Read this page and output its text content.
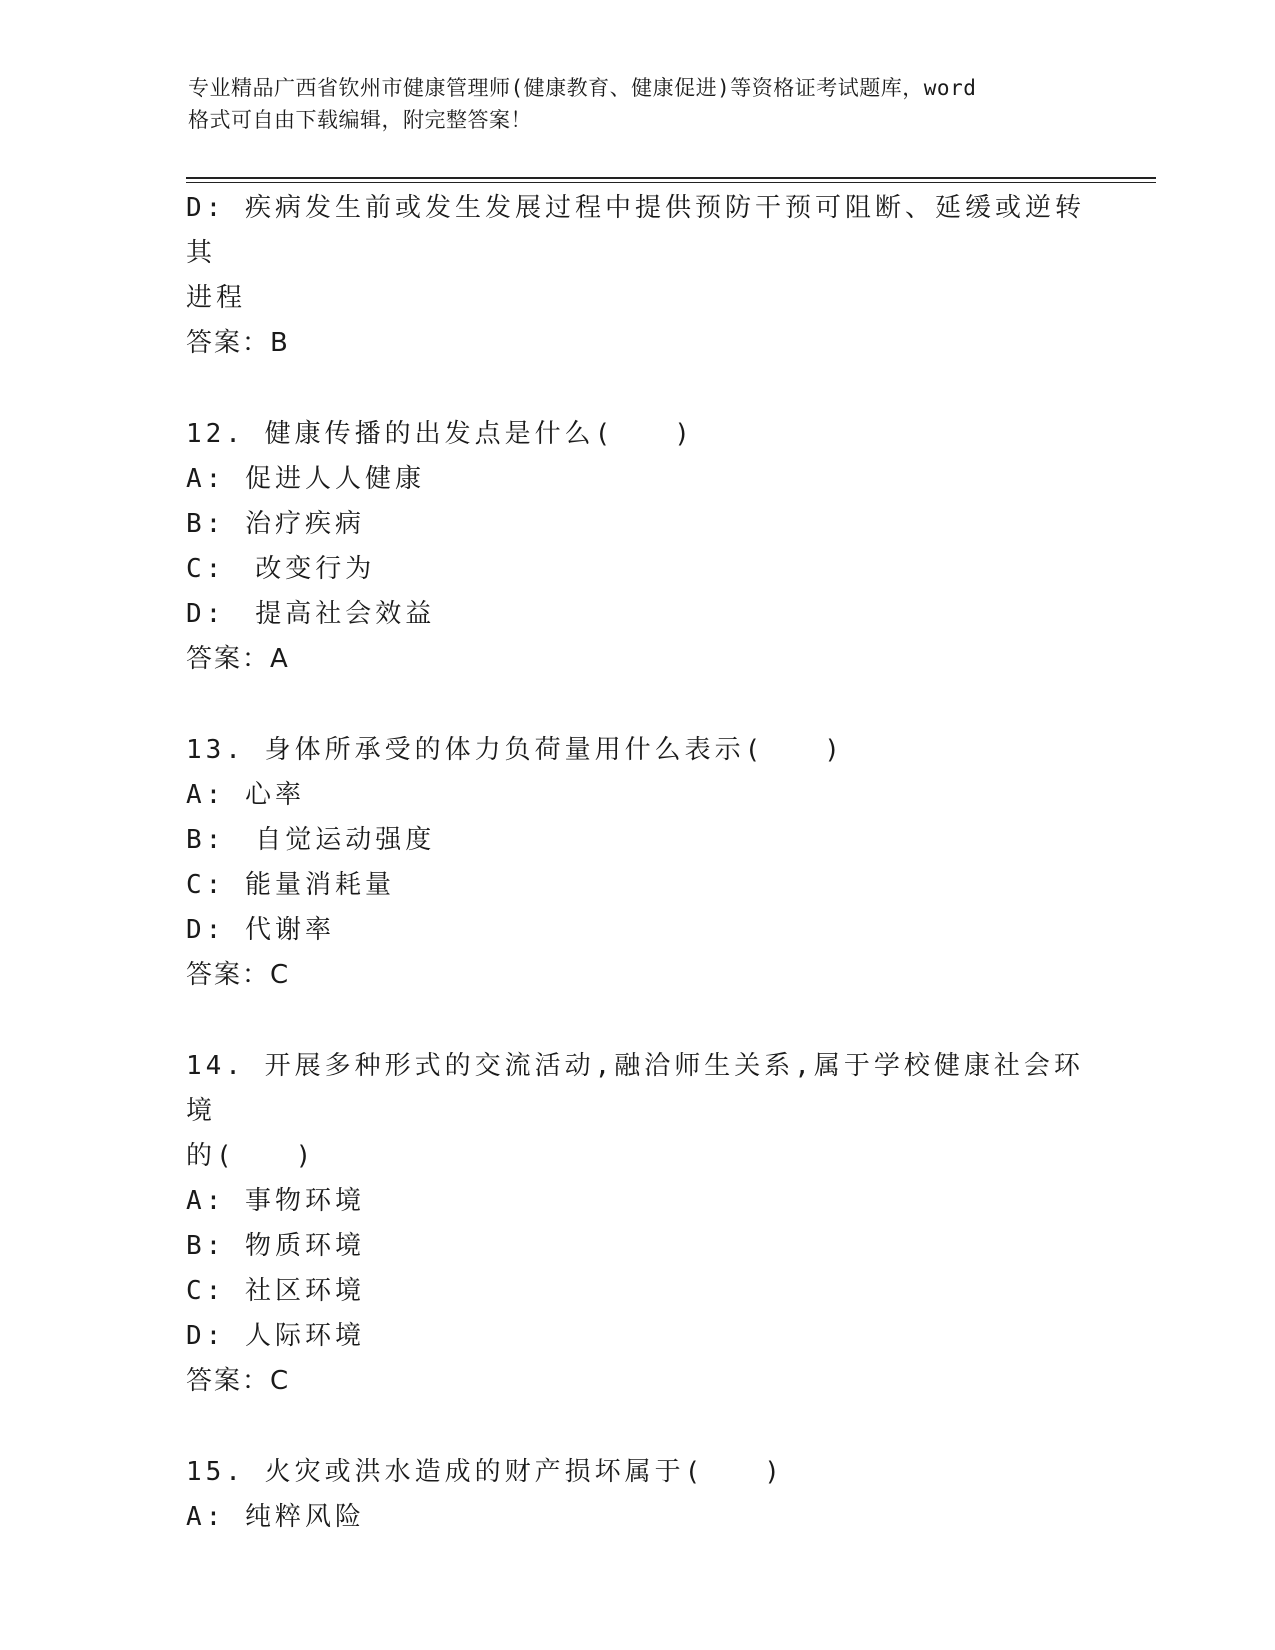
专业精品广西省钦州市健康管理师(健康教育、健康促进)等资格证考试题库，word
格式可自由下载编辑，附完整答案！
D: 疾病发生前或发生发展过程中提供预防干预可阻断、延缓或逆转其
进程
答案：B
12. 健康传播的出发点是什么(　　)
A: 促进人人健康
B: 治疗疾病
C:　改变行为
D:　提高社会效益
答案：A
13. 身体所承受的体力负荷量用什么表示(　　)
A: 心率
B:　自觉运动强度
C: 能量消耗量
D: 代谢率
答案：C
14. 开展多种形式的交流活动,融洽师生关系,属于学校健康社会环境
的(　　)
A: 事物环境
B: 物质环境
C: 社区环境
D: 人际环境
答案：C
15. 火灾或洪水造成的财产损坏属于(　　)
A: 纯粹风险
